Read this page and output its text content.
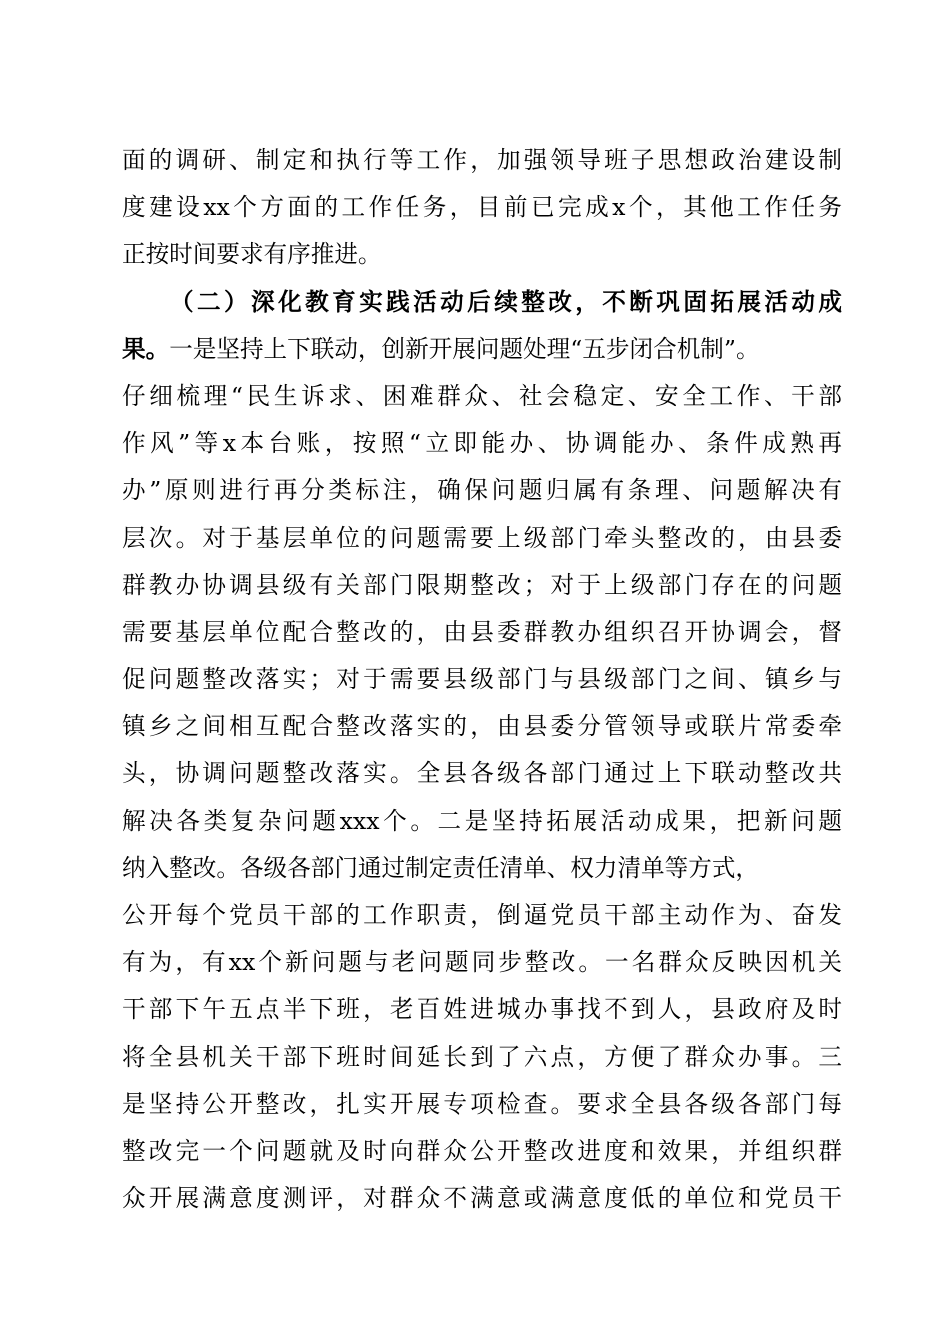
面的调研、制定和执行等工作，加强领导班子思想政治建设制
度建设xx个方面的工作任务，目前已完成x个，其他工作任务
正按时间要求有序推进。
（二）深化教育实践活动后续整改，不断巩固拓展活动成
果。一是坚持上下联动，创新开展问题处理“五步闭合机制”。
仔细梳理“民生诉求、困难群众、社会稳定、安全工作、干部
作风”等x本台账，按照“立即能办、协调能办、条件成熟再
办”原则进行再分类标注，确保问题归属有条理、问题解决有
层次。对于基层单位的问题需要上级部门牵头整改的，由县委
群教办协调县级有关部门限期整改；对于上级部门存在的问题
需要基层单位配合整改的，由县委群教办组织召开协调会，督
促问题整改落实；对于需要县级部门与县级部门之间、镇乡与
镇乡之间相互配合整改落实的，由县委分管领导或联片常委牵
头，协调问题整改落实。全县各级各部门通过上下联动整改共
解决各类复杂问题xxx个。二是坚持拓展活动成果，把新问题
纳入整改。各级各部门通过制定责任清单、权力清单等方式，
公开每个党员干部的工作职责，倒逼党员干部主动作为、奋发
有为，有xx个新问题与老问题同步整改。一名群众反映因机关
干部下午五点半下班，老百姓进城办事找不到人，县政府及时
将全县机关干部下班时间延长到了六点，方便了群众办事。三
是坚持公开整改，扎实开展专项检查。要求全县各级各部门每
整改完一个问题就及时向群众公开整改进度和效果，并组织群
众开展满意度测评，对群众不满意或满意度低的单位和党员干
